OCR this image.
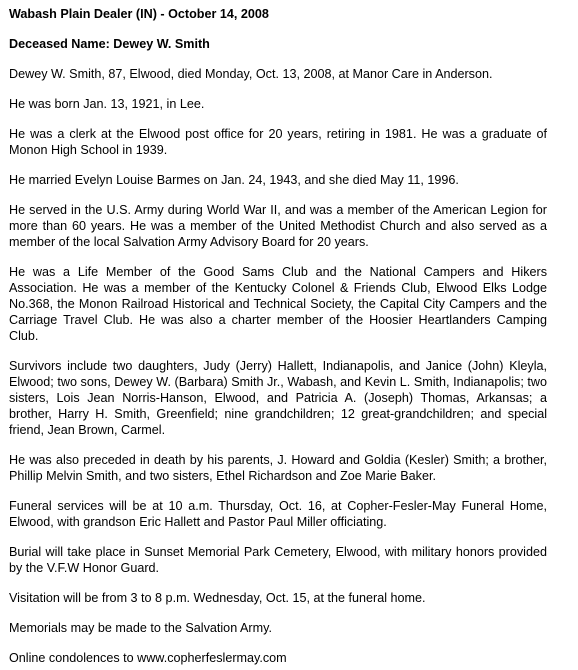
Wabash Plain Dealer (IN) - October 14, 2008
Deceased Name: Dewey W. Smith

Dewey W. Smith, 87, Elwood, died Monday, Oct. 13, 2008, at Manor Care in Anderson.

He was born Jan. 13, 1921, in Lee.

He was a clerk at the Elwood post office for 20 years, retiring in 1981. He was a graduate of Monon High School in 1939.

He married Evelyn Louise Barmes on Jan. 24, 1943, and she died May 11, 1996.

He served in the U.S. Army during World War II, and was a member of the American Legion for more than 60 years. He was a member of the United Methodist Church and also served as a member of the local Salvation Army Advisory Board for 20 years.

He was a Life Member of the Good Sams Club and the National Campers and Hikers Association. He was a member of the Kentucky Colonel & Friends Club, Elwood Elks Lodge No.368, the Monon Railroad Historical and Technical Society, the Capital City Campers and the Carriage Travel Club. He was also a charter member of the Hoosier Heartlanders Camping Club.

Survivors include two daughters, Judy (Jerry) Hallett, Indianapolis, and Janice (John) Kleyla, Elwood; two sons, Dewey W. (Barbara) Smith Jr., Wabash, and Kevin L. Smith, Indianapolis; two sisters, Lois Jean Norris-Hanson, Elwood, and Patricia A. (Joseph) Thomas, Arkansas; a brother, Harry H. Smith, Greenfield; nine grandchildren; 12 great-grandchildren; and special friend, Jean Brown, Carmel.

He was also preceded in death by his parents, J. Howard and Goldia (Kesler) Smith; a brother, Phillip Melvin Smith, and two sisters, Ethel Richardson and Zoe Marie Baker.

Funeral services will be at 10 a.m. Thursday, Oct. 16, at Copher-Fesler-May Funeral Home, Elwood, with grandson Eric Hallett and Pastor Paul Miller officiating.

Burial will take place in Sunset Memorial Park Cemetery, Elwood, with military honors provided by the V.F.W Honor Guard.

Visitation will be from 3 to 8 p.m. Wednesday, Oct. 15, at the funeral home.

Memorials may be made to the Salvation Army.

Online condolences to www.copherfeslermay.com
